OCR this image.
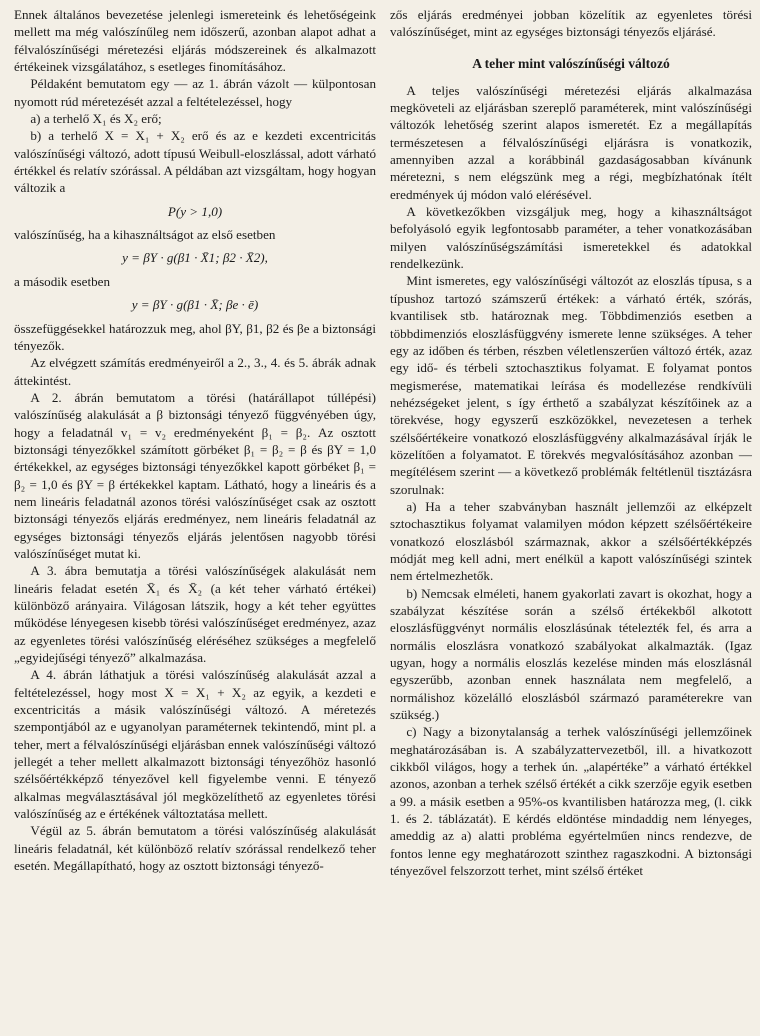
Ennek általános bevezetése jelenlegi ismereteink és lehetőségeink mellett ma még valószínűleg nem időszerű, azonban alapot adhat a félvalószínűségi méretezési eljárás módszereinek és alkalmazott értékeinek vizsgálatához, s esetleges finomításához.

Példaként bemutatom egy — az 1. ábrán vázolt — külpontosan nyomott rúd méretezését azzal a feltételezéssel, hogy

a) a terhelő X₁ és X₂ erő;

b) a terhelő X = X₁ + X₂ erő és az e kezdeti excentricitás valószínűségi változó, adott típusú Weibull-eloszlással, adott várható értékkel és relatív szórással. A példában azt vizsgáltam, hogy hogyan változik a

P(y > 1,0)

valószínűség, ha a kihasználtságot az első esetben

y = βY · g(β1 · X̄1; β2 · X̄2),

a második esetben

y = βY · g(β1 · X̄; βe · ē)

összefüggésekkel határozzuk meg, ahol βY, β1, β2 és βe a biztonsági tényezők.

Az elvégzett számítás eredményeiről a 2., 3., 4. és 5. ábrák adnak áttekintést.

A 2. ábrán bemutatom a törési (határállapot túllépési) valószínűség alakulását a β biztonsági tényező függvényében úgy, hogy a feladatnál v₁ = v₂ eredményeként β₁ = β₂. Az osztott biztonsági tényezőkkel számított görbéket β₁ = β₂ = β és βY = 1,0 értékekkel, az egységes biztonsági tényezőkkel kapott görbéket β₁ = β₂ = 1,0 és βY = β értékekkel kaptam. Látható, hogy a lineáris és a nem lineáris feladatnál azonos törési valószínűséget csak az osztott biztonsági tényezős eljárás eredményez, nem lineáris feladatnál az egységes biztonsági tényezős eljárás jelentősen nagyobb törési valószínűséget mutat ki.

A 3. ábra bemutatja a törési valószínűségek alakulását nem lineáris feladat esetén X̄₁ és X̄₂ (a két teher várható értékei) különböző arányaira. Világosan látszik, hogy a két teher együttes működése lényegesen kisebb törési valószínűséget eredményez, azaz az egyenletes törési valószínűség eléréséhez szükséges a megfelelő „egyidejűségi tényező” alkalmazása.

A 4. ábrán láthatjuk a törési valószínűség alakulását azzal a feltételezéssel, hogy most X = X₁ + X₂ az egyik, a kezdeti e excentricitás a másik valószínűségi változó. A méretezés szempontjából az e ugyanolyan paraméternek tekintendő, mint pl. a teher, mert a félvalószínűségi eljárásban ennek valószínűségi változó jellegét a teher mellett alkalmazott biztonsági tényezőhöz hasonló szélsőértékképző tényezővel kell figyelembe venni. E tényező alkalmas megválasztásával jól megközelíthető az egyenletes törési valószínűség az e értékének változtatása mellett.

Végül az 5. ábrán bemutatom a törési valószínűség alakulását lineáris feladatnál, két különböző relatív szórással rendelkező teher esetén. Megállapítható, hogy az osztott biztonsági tényező-

zős eljárás eredményei jobban közelítik az egyenletes törési valószínűséget, mint az egységes biztonsági tényezős eljárásé.

A teher mint valószínűségi változó

A teljes valószínűségi méretezési eljárás alkalmazása megköveteli az eljárásban szereplő paraméterek, mint valószínűségi változók lehetőség szerint alapos ismeretét. Ez a megállapítás természetesen a félvalószínűségi eljárásra is vonatkozik, amennyiben azzal a korábbinál gazdaságosabban kívánunk méretezni, s nem elégszünk meg a régi, megbízhatónak ítélt eredmények új módon való elérésével.

A következőkben vizsgáljuk meg, hogy a kihasználtságot befolyásoló egyik legfontosabb paraméter, a teher vonatkozásában milyen valószínűségszámítási ismeretekkel és adatokkal rendelkezünk.

Mint ismeretes, egy valószínűségi változót az eloszlás típusa, s a típushoz tartozó számszerű értékek: a várható érték, szórás, kvantilisek stb. határoznak meg. Többdimenziós esetben a többdimenziós eloszlásfüggvény ismerete lenne szükséges. A teher egy az időben és térben, részben véletlenszerűen változó érték, azaz egy idő- és térbeli sztochasztikus folyamat. E folyamat pontos megismerése, matematikai leírása és modellezése rendkívüli nehézségeket jelent, s így érthető a szabályzat készítőinek az a törekvése, hogy egyszerű eszközökkel, nevezetesen a terhek szélsőértékeire vonatkozó eloszlásfüggvény alkalmazásával írják le közelítően a folyamatot. E törekvés megvalósításához azonban — megítélésem szerint — a következő problémák feltétlenül tisztázásra szorulnak:

a) Ha a teher szabványban használt jellemzői az elképzelt sztochasztikus folyamat valamilyen módon képzett szélsőértékeire vonatkozó eloszlásból származnak, akkor a szélsőértékképzés módját meg kell adni, mert enélkül a kapott valószínűségi szintek nem értelmezhetők.

b) Nemcsak elméleti, hanem gyakorlati zavart is okozhat, hogy a szabályzat készítése során a szélső értékekből alkotott eloszlásfüggvényt normális eloszlásúnak tételezték fel, és arra a normális eloszlásra vonatkozó szabályokat alkalmazták. (Igaz ugyan, hogy a normális eloszlás kezelése minden más eloszlásnál egyszerűbb, azonban ennek használata nem megfelelő, a normálishoz közelálló eloszlásból származó paraméterekre van szükség.)

c) Nagy a bizonytalanság a terhek valószínűségi jellemzőinek meghatározásában is. A szabályzattervezetből, ill. a hivatkozott cikkből világos, hogy a terhek ún. „alapértéke” a várható értékkel azonos, azonban a terhek szélső értékét a cikk szerzője egyik esetben a 99. a másik esetben a 95%-os kvantilisben határozza meg, (l. cikk 1. és 2. táblázatát). E kérdés eldöntése mindaddig nem lényeges, ameddig az a) alatti probléma egyértelműen nincs rendezve, de fontos lenne egy meghatározott szinthez ragaszkodni. A biztonsági tényezővel felszorzott terhet, mint szélső értéket
